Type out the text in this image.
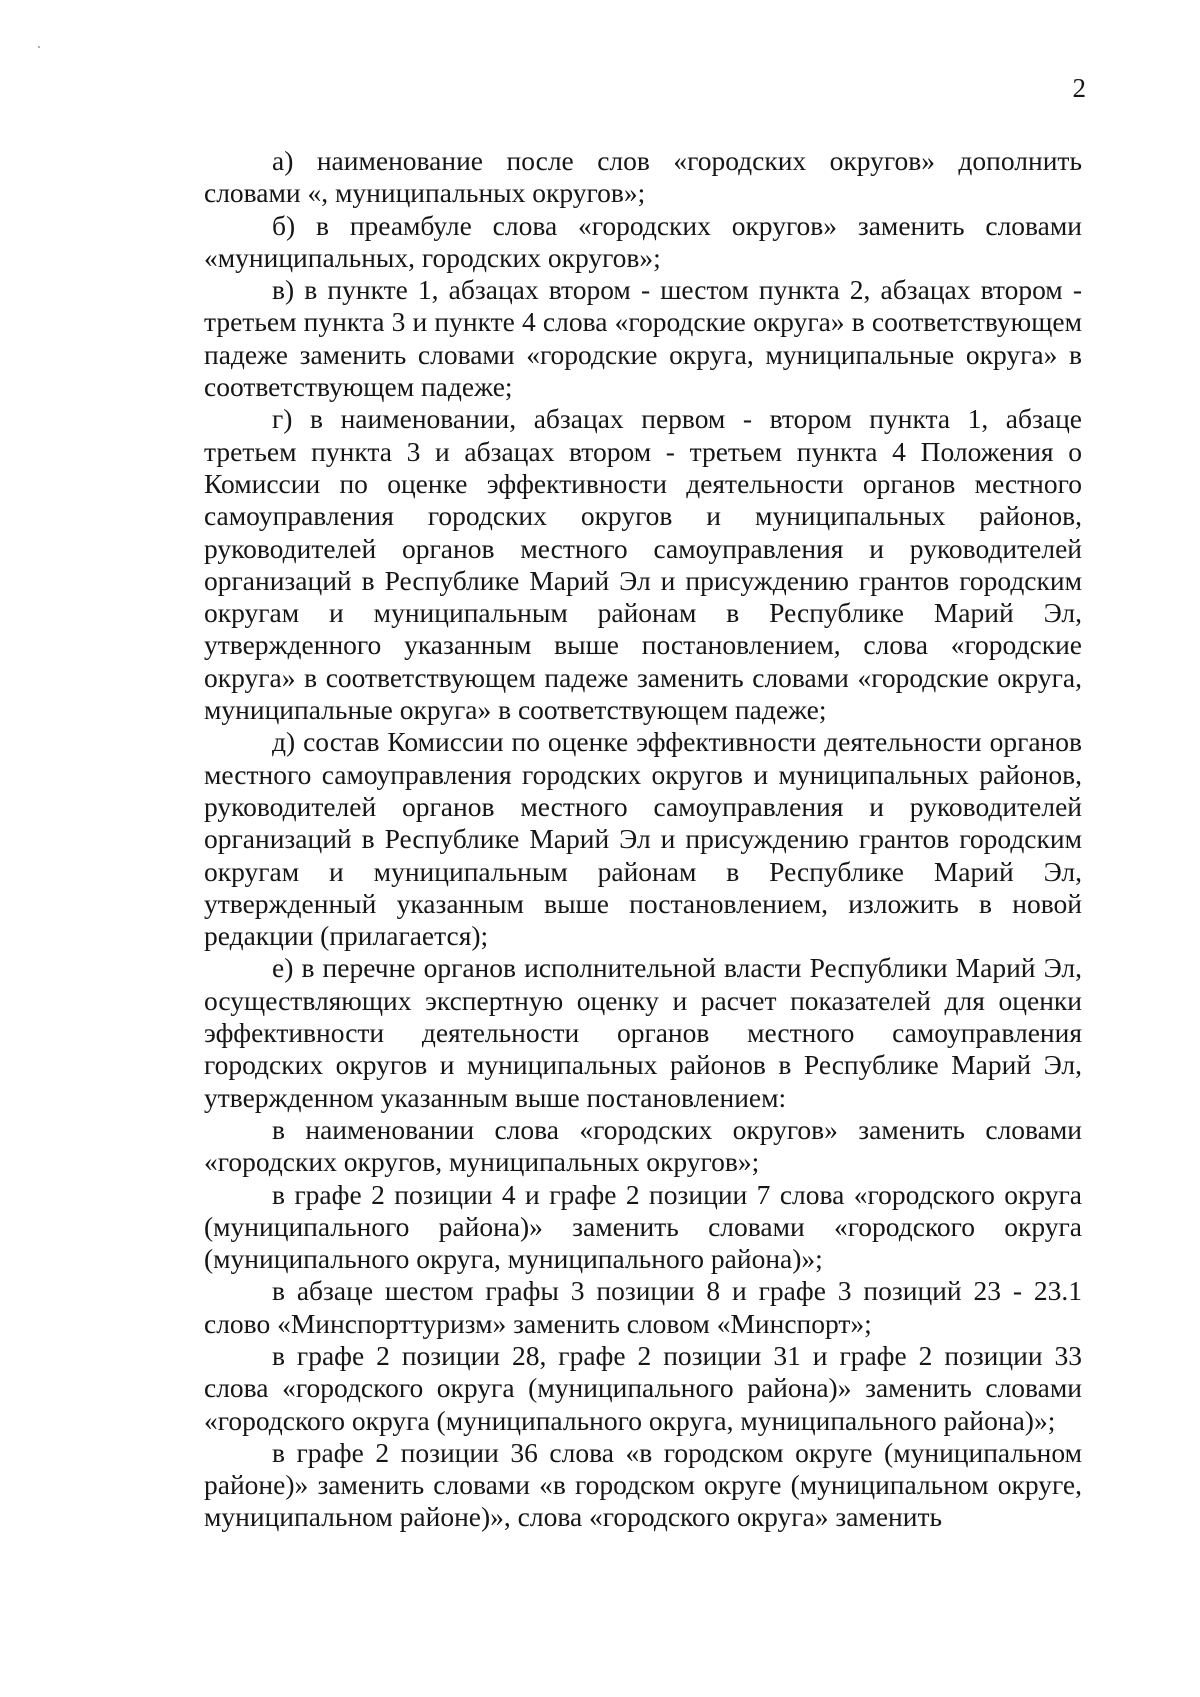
2

а) наименование после слов «городских округов» дополнить словами «, муниципальных округов»;

б) в преамбуле слова «городских округов» заменить словами «муниципальных, городских округов»;

в) в пункте 1, абзацах втором - шестом пункта 2, абзацах втором - третьем пункта 3 и пункте 4 слова «городские округа» в соответствующем падеже заменить словами «городские округа, муниципальные округа» в соответствующем падеже;

г) в наименовании, абзацах первом - втором пункта 1, абзаце третьем пункта 3 и абзацах втором - третьем пункта 4 Положения о Комиссии по оценке эффективности деятельности органов местного самоуправления городских округов и муниципальных районов, руководителей органов местного самоуправления и руководителей организаций в Республике Марий Эл и присуждению грантов городским округам и муниципальным районам в Республике Марий Эл, утвержденного указанным выше постановлением, слова «городские округа» в соответствующем падеже заменить словами «городские округа, муниципальные округа» в соответствующем падеже;

д) состав Комиссии по оценке эффективности деятельности органов местного самоуправления городских округов и муниципальных районов, руководителей органов местного самоуправления и руководителей организаций в Республике Марий Эл и присуждению грантов городским округам и муниципальным районам в Республике Марий Эл, утвержденный указанным выше постановлением, изложить в новой редакции (прилагается);

е) в перечне органов исполнительной власти Республики Марий Эл, осуществляющих экспертную оценку и расчет показателей для оценки эффективности деятельности органов местного самоуправления городских округов и муниципальных районов в Республике Марий Эл, утвержденном указанным выше постановлением:

в наименовании слова «городских округов» заменить словами «городских округов, муниципальных округов»;

в графе 2 позиции 4 и графе 2 позиции 7 слова «городского округа (муниципального района)» заменить словами «городского округа (муниципального округа, муниципального района)»;

в абзаце шестом графы 3 позиции 8 и графе 3 позиций 23 - 23.1 слово «Минспорттуризм» заменить словом «Минспорт»;

в графе 2 позиции 28, графе 2 позиции 31 и графе 2 позиции 33 слова «городского округа (муниципального района)» заменить словами «городского округа (муниципального округа, муниципального района)»;

в графе 2 позиции 36 слова «в городском округе (муниципальном районе)» заменить словами «в городском округе (муниципальном округе, муниципальном районе)», слова «городского округа» заменить
